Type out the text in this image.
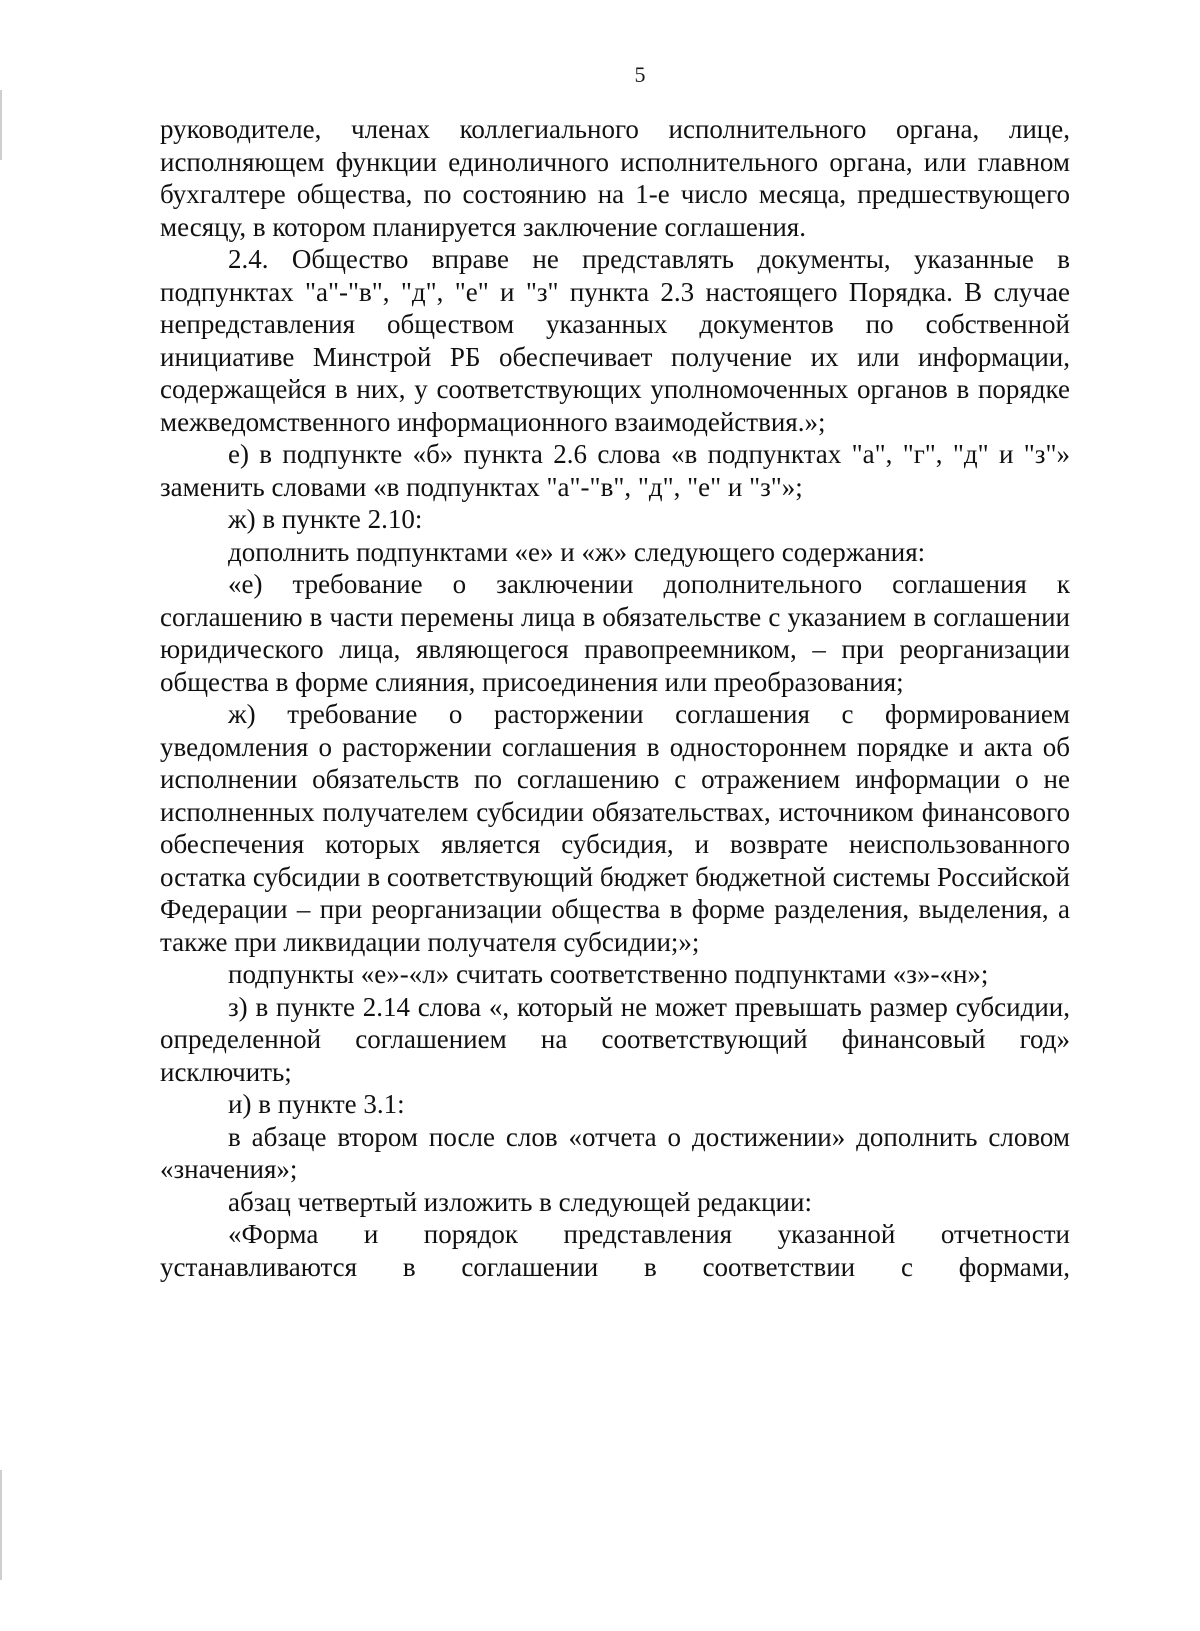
5

руководителе, членах коллегиального исполнительного органа, лице, исполняющем функции единоличного исполнительного органа, или главном бухгалтере общества, по состоянию на 1-е число месяца, предшествующего месяцу, в котором планируется заключение соглашения.

2.4. Общество вправе не представлять документы, указанные в подпунктах "а"-"в", "д", "е" и "з" пункта 2.3 настоящего Порядка. В случае непредставления обществом указанных документов по собственной инициативе Минстрой РБ обеспечивает получение их или информации, содержащейся в них, у соответствующих уполномоченных органов в порядке межведомственного информационного взаимодействия.»;

е) в подпункте «б» пункта 2.6 слова «в подпунктах "а", "г", "д" и "з"» заменить словами «в подпунктах "а"-"в", "д", "е" и "з"»;

ж) в пункте 2.10:

дополнить подпунктами «е» и «ж» следующего содержания:

«е) требование о заключении дополнительного соглашения к соглашению в части перемены лица в обязательстве с указанием в соглашении юридического лица, являющегося правопреемником, – при реорганизации общества в форме слияния, присоединения или преобразования;

ж) требование о расторжении соглашения с формированием уведомления о расторжении соглашения в одностороннем порядке и акта об исполнении обязательств по соглашению с отражением информации о не исполненных получателем субсидии обязательствах, источником финансового обеспечения которых является субсидия, и возврате неиспользованного остатка субсидии в соответствующий бюджет бюджетной системы Российской Федерации – при реорганизации общества в форме разделения, выделения, а также при ликвидации получателя субсидии;»;

подпункты «е»-«л» считать соответственно подпунктами «з»-«н»;

з) в пункте 2.14 слова «, который не может превышать размер субсидии, определенной соглашением на соответствующий финансовый год» исключить;

и) в пункте 3.1:

в абзаце втором после слов «отчета о достижении» дополнить словом «значения»;

абзац четвертый изложить в следующей редакции:

«Форма и порядок представления указанной отчетности устанавливаются в соглашении в соответствии с формами,
